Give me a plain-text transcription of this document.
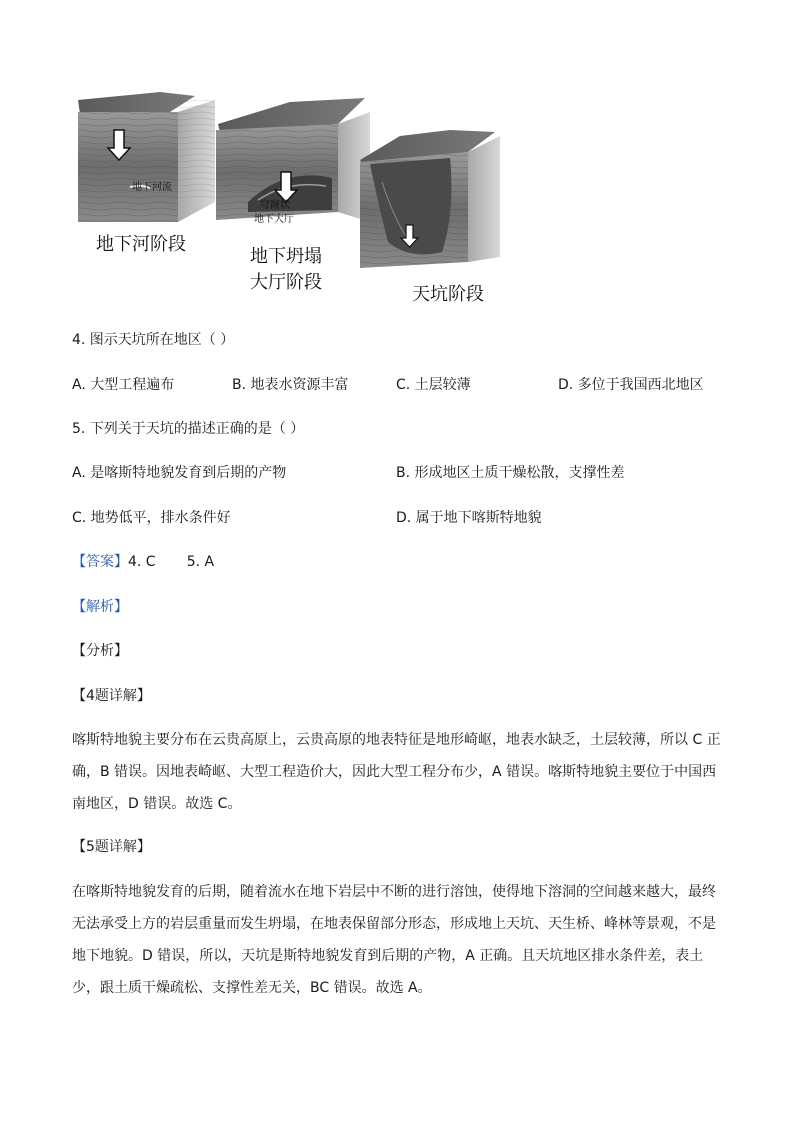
地下河流
地下河阶段
穹窿状 地下大厅
地下坍塌
大厅阶段
天坑阶段
4. 图示天坑所在地区（ ）
A. 大型工程遍布	B. 地表水资源丰富	C. 土层较薄	D. 多位于我国西北地区
5. 下列关于天坑的描述正确的是（ ）
A. 是喀斯特地貌发育到后期的产物	B. 形成地区土质干燥松散，支撑性差
C. 地势低平，排水条件好	D. 属于地下喀斯特地貌
【答案】4. C       5. A
【解析】
【分析】
【4题详解】
喀斯特地貌主要分布在云贵高原上，云贵高原的地表特征是地形崎岖，地表水缺乏，土层较薄，所以 C 正确，B 错误。因地表崎岖、大型工程造价大，因此大型工程分布少，A 错误。喀斯特地貌主要位于中国西南地区，D 错误。故选 C。
【5题详解】
在喀斯特地貌发育的后期，随着流水在地下岩层中不断的进行溶蚀，使得地下溶洞的空间越来越大，最终无法承受上方的岩层重量而发生坍塌，在地表保留部分形态，形成地上天坑、天生桥、峰林等景观，不是地下地貌。D 错误，所以，天坑是斯特地貌发育到后期的产物，A 正确。且天坑地区排水条件差，表土少，跟土质干燥疏松、支撑性差无关，BC 错误。故选 A。
